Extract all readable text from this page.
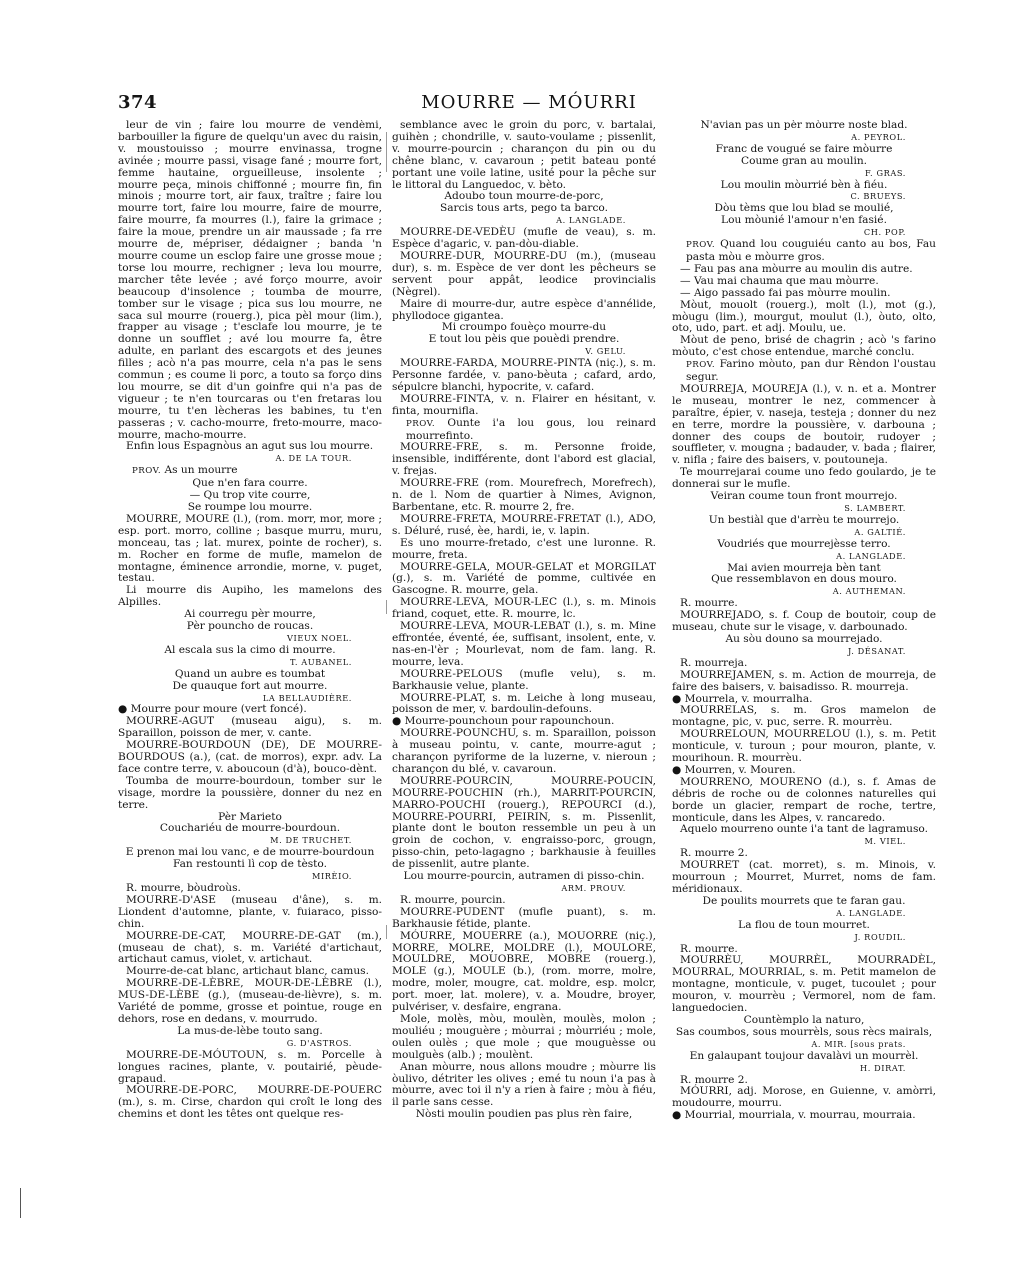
374	MOURRE — MÓURRI

leur de vin ; faire lou mourre de vendèmi, barbouiller la figure de quelqu'un avec du raisin, v. moustouisso ; mourre envinassa, trogne avinée ; mourre passi, visage fané ; mourre fort, femme hautaine, orgueilleuse, insolente ; mourre peça, minois chiffonné ; mourre fin, fin minois ; mourre tort, air faux, traître ; faire lou mourre tort, faire lou mourre, faire de mourre, faire mourre, fa mourres (l.), faire la grimace ; faire la moue, prendre un air maussade ; fa rre mourre de, mépriser, dédaigner ; banda 'n mourre coume un esclop faire une grosse moue ; torse lou mourre, rechigner ; leva lou mourre, marcher tête levée ; avé forço mourre, avoir beaucoup d'insolence ; toumba de mourre, tomber sur le visage ; pica sus lou mourre, ne saca sul mourre (rouerg.), pica pèl mour (lim.), frapper au visage ; t'esclafe lou mourre, je te donne un soufflet ; avé lou mourre fa, être adulte, en parlant des escargots et des jeunes filles ; acò n'a pas mourre, cela n'a pas le sens commun ; es coume li porc, a touto sa forço dins lou mourre, se dit d'un goinfre qui n'a pas de vigueur ; te n'en tourcaras ou t'en fretaras lou mourre, tu t'en lècheras les babines, tu t'en passeras ; v. cacho-mourre, freto-mourre, maco-mourre, macho-mourre.

Enfin lous Espagnòus an agut sus lou mourre.

A. DE LA TOUR.

PROV. As un mourre

Que n'en fara courre.

— Qu trop vite courre,

Se roumpe lou mourre.

MOURRE, MOURE (l.), (rom. morr, mor, more ; esp. port. morro, colline ; basque murru, muru, monceau, tas ; lat. murex, pointe de rocher), s. m. Rocher en forme de mufle, mamelon de montagne, éminence arrondie, morne, v. puget, testau.

Li mourre dis Aupiho, les mamelons des Alpilles.

Ai courregu pèr mourre,

Pèr pouncho de roucas.

VIEUX NOEL.

Al escala sus la cimo di mourre.

T. AUBANEL.

Quand un aubre es toumbat

De quauque fort aut mourre.

LA BELLAUDIÈRE.

● Mourre pour moure (vert foncé).

MOURRE-AGUT (museau aigu), s. m. Sparaillon, poisson de mer, v. cante.

MOURRE-BOURDOUN (DE), DE MOURRE-BOURDOUS (a.), (cat. de morros), expr. adv. La face contre terre, v. aboucoun (d'à), bouco-dènt.

Toumba de mourre-bourdoun, tomber sur le visage, mordre la poussière, donner du nez en terre.

Pèr Marieto

Couchariéu de mourre-bourdoun.

M. DE TRUCHET.

E prenon mai lou vanc, e de mourre-bourdoun

Fan restounti lì cop de tèsto.

MIRÈIO.

R. mourre, bòudroùs.

MOURRE-D'ASE (museau d'âne), s. m. Liondent d'automne, plante, v. fuiaraco, pisso-chin.

MOURRE-DE-CAT, MOURRE-DE-GAT (m.), (museau de chat), s. m. Variété d'artichaut, artichaut camus, violet, v. artichaut.

Mourre-de-cat blanc, artichaut blanc, camus.

MOURRE-DE-LÈBRE, MOUR-DE-LÈBRE (l.), MUS-DE-LÈBE (g.), (museau-de-lièvre), s. m. Variété de pomme, grosse et pointue, rouge en dehors, rose en dedans, v. mourrudo.

La mus-de-lèbe touto sang.

G. D'ASTROS.

MOURRE-DE-MÓUTOUN, s. m. Porcelle à longues racines, plante, v. poutairié, pèude-grapaud.

MOURRE-DE-PORC, MOURRE-DE-POUERC (m.), s. m. Cirse, chardon qui croît le long des chemins et dont les têtes ont quelque res-

semblance avec le groin du porc, v. bartalai, guihèn ; chondrille, v. sauto-voulame ; pissenlit, v. mourre-pourcin ; charançon du pin ou du chêne blanc, v. cavaroun ; petit bateau ponté portant une voile latine, usité pour la pêche sur le littoral du Languedoc, v. bèto.

Adoubo toun mourre-de-porc,

Sarcis tous arts, pego ta barco.

A. LANGLADE.

MOURRE-DE-VEDÈU (mufle de veau), s. m. Espèce d'agaric, v. pan-dòu-diable.

MOURRE-DUR, MOURRE-DU (m.), (museau dur), s. m. Espèce de ver dont les pêcheurs se servent pour appât, leodice provincialis (Nègrel).

Maire di mourre-dur, autre espèce d'annélide, phyllodoce gigantea.

Mi croumpo fouèço mourre-du

E tout lou pèis que pouèdi prendre.

V. GELU.

MOURRE-FARDA, MOURRE-PINTA (niç.), s. m. Personne fardée, v. pano-bèuta ; cafard, ardo, sépulcre blanchi, hypocrite, v. cafard.

MOURRE-FINTA, v. n. Flairer en hésitant, v. finta, mournifla.

PROV. Ounte i'a lou gous, lou reinard mourrefinto.

MOURRE-FRE, s. m. Personne froide, insensible, indifférente, dont l'abord est glacial, v. frejas.

MOURRE-FRE (rom. Mourefrech, Morefrech), n. de l. Nom de quartier à Nimes, Avignon, Barbentane, etc. R. mourre 2, fre.

MOURRE-FRETA, MOURRE-FRETAT (l.), ADO, s. Déluré, rusé, èe, hardi, ie, v. lapin.

Es uno mourre-fretado, c'est une luronne. R. mourre, freta.

MOURRE-GELA, MOUR-GELAT et MORGILAT (g.), s. m. Variété de pomme, cultivée en Gascogne. R. mourre, gela.

MOURRE-LEVA, MOUR-LEC (l.), s. m. Minois friand, coquet, ette. R. mourre, lc.

MOURRE-LEVA, MOUR-LEBAT (l.), s. m. Mine effrontée, éventé, ée, suffisant, insolent, ente, v. nas-en-l'èr ; Mourlevat, nom de fam. lang. R. mourre, leva.

MOURRE-PELOUS (mufle velu), s. m. Barkhausie velue, plante.

MOURRE-PLAT, s. m. Leiche à long museau, poisson de mer, v. bardoulin-defouns.

● Mourre-pounchoun pour rapounchoun.

MOURRE-POUNCHU, s. m. Sparaillon, poisson à museau pointu, v. cante, mourre-agut ; charançon pyriforme de la luzerne, v. nieroun ; charançon du blé, v. cavaroun.

MOURRE-POURCIN, MOURRE-POUCIN, MOURRE-POUCHIN (rh.), MARRIT-POURCIN, MARRO-POUCHI (rouerg.), REPOURCI (d.), MOURRE-POURRI, PEIRIN, s. m. Pissenlit, plante dont le bouton ressemble un peu à un groin de cochon, v. engraisso-porc, grougn, pisso-chin, peto-lagagno ; barkhausie à feuilles de pissenlit, autre plante.

Lou mourre-pourcin, autramen di pisso-chin.

ARM. PROUV.

R. mourre, pourcin.

MOURRE-PUDENT (mufle puant), s. m. Barkhausie fétide, plante.

MÓURRE, MOUERRE (a.), MOUORRE (niç.), MORRE, MOLRE, MOLDRE (l.), MOULORE, MOULDRE, MOUOBRE, MOBRE (rouerg.), MOLE (g.), MOULE (b.), (rom. morre, molre, modre, moler, mougre, cat. moldre, esp. molcr, port. moer, lat. molere), v. a. Moudre, broyer, pulvériser, v. desfaire, engrana.

Mole, molès, mòu, moulèn, moulès, molon ; mouliéu ; mouguère ; mòurrai ; mòurriéu ; mole, oulen oulès ; que mole ; que mouguèsse ou moulguès (alb.) ; moulènt.

Anan mòurre, nous allons moudre ; mòurre lis òulivo, détriter les olives ; emé tu noun i'a pas à mòurre, avec toi il n'y a rien à faire ; mòu à fiéu, il parle sans cesse.

Nòsti moulin poudien pas plus rèn faire,

N'avian pas un pèr mòurre noste blad.

A. PEYROL.

Franc de vougué se faire mòurre

Coume gran au moulin.

F. GRAS.

Lou moulin mòurrié bèn à fiéu.

C. BRUEYS.

Dòu tèms que lou blad se moulié,

Lou mòunié l'amour n'en fasié.

CH. POP.

PROV. Quand lou couguiéu canto au bos, Fau pasta mòu e mòurre gros.

— Fau pas ana mòurre au moulin dis autre.

— Vau mai chauma que mau mòurre.

— Aigo passado fai pas mòurre moulin.

Mòut, mouolt (rouerg.), molt (l.), mot (g.), mòugu (lim.), mourgut, moulut (l.), òuto, olto, oto, udo, part. et adj. Moulu, ue.

Mòut de peno, brisé de chagrin ; acò 's farino mòuto, c'est chose entendue, marché conclu.

PROV. Farino mòuto, pan dur Rèndon l'oustau segur.

MOURREJA, MOUREJA (l.), v. n. et a. Montrer le museau, montrer le nez, commencer à paraître, épier, v. naseja, testeja ; donner du nez en terre, mordre la poussière, v. darbouna ; donner des coups de boutoir, rudoyer ; souffleter, v. mougna ; badauder, v. bada ; flairer, v. nifla ; faire des baisers, v. poutouneja.

Te mourrejarai coume uno fedo goulardo, je te donnerai sur le mufle.

Veiran coume toun front mourrejo.

S. LAMBERT.

Un bestiàl que d'arrèu te mourrejo.

A. GALTIÉ.

Voudriés que mourrejèsse terro.

A. LANGLADE.

Mai avien mourreja bèn tant

Que ressemblavon en dous mouro.

A. AUTHEMAN.

R. mourre.

MOURREJADO, s. f. Coup de boutoir, coup de museau, chute sur le visage, v. darbounado.

Au sòu douno sa mourrejado.

J. DÉSANAT.

R. mourreja.

MOURREJAMEN, s. m. Action de mourreja, de faire des baisers, v. baisadisso. R. mourreja.

● Mourrela, v. mourralha.

MOURRELAS, s. m. Gros mamelon de montagne, pic, v. puc, serre. R. mourrèu.

MOURRELOUN, MOURRELOU (l.), s. m. Petit monticule, v. turoun ; pour mouron, plante, v. mourihoun. R. mourrèu.

● Mourren, v. Mouren.

MOURRENO, MOURENO (d.), s. f. Amas de débris de roche ou de colonnes naturelles qui borde un glacier, rempart de roche, tertre, monticule, dans les Alpes, v. rancaredo.

Aquelo mourreno ounte i'a tant de lagramuso.

M. VIEL.

R. mourre 2.

MOURRET (cat. morret), s. m. Minois, v. mourroun ; Mourret, Murret, noms de fam. méridionaux.

De poulits mourrets que te faran gau.

A. LANGLADE.

La flou de toun mourret.

J. ROUDIL.

R. mourre.

MOURRÈU, MOURRÈL, MOURRADÈL, MOURRAL, MOURRIAL, s. m. Petit mamelon de montagne, monticule, v. puget, tucoulet ; pour mouron, v. mourrèu ; Vermorel, nom de fam. languedocien.

Countèmplo la naturo,

Sas coumbos, sous mourrèls, sous rècs mairals,

A. MIR. [sous prats.

En galaupant toujour davalàvi un mourrèl.

H. DIRAT.

R. mourre 2.

MÓURRI, adj. Morose, en Guienne, v. amòrri, moudourre, mourru.

● Mourrial, mourriala, v. mourrau, mourraia.
